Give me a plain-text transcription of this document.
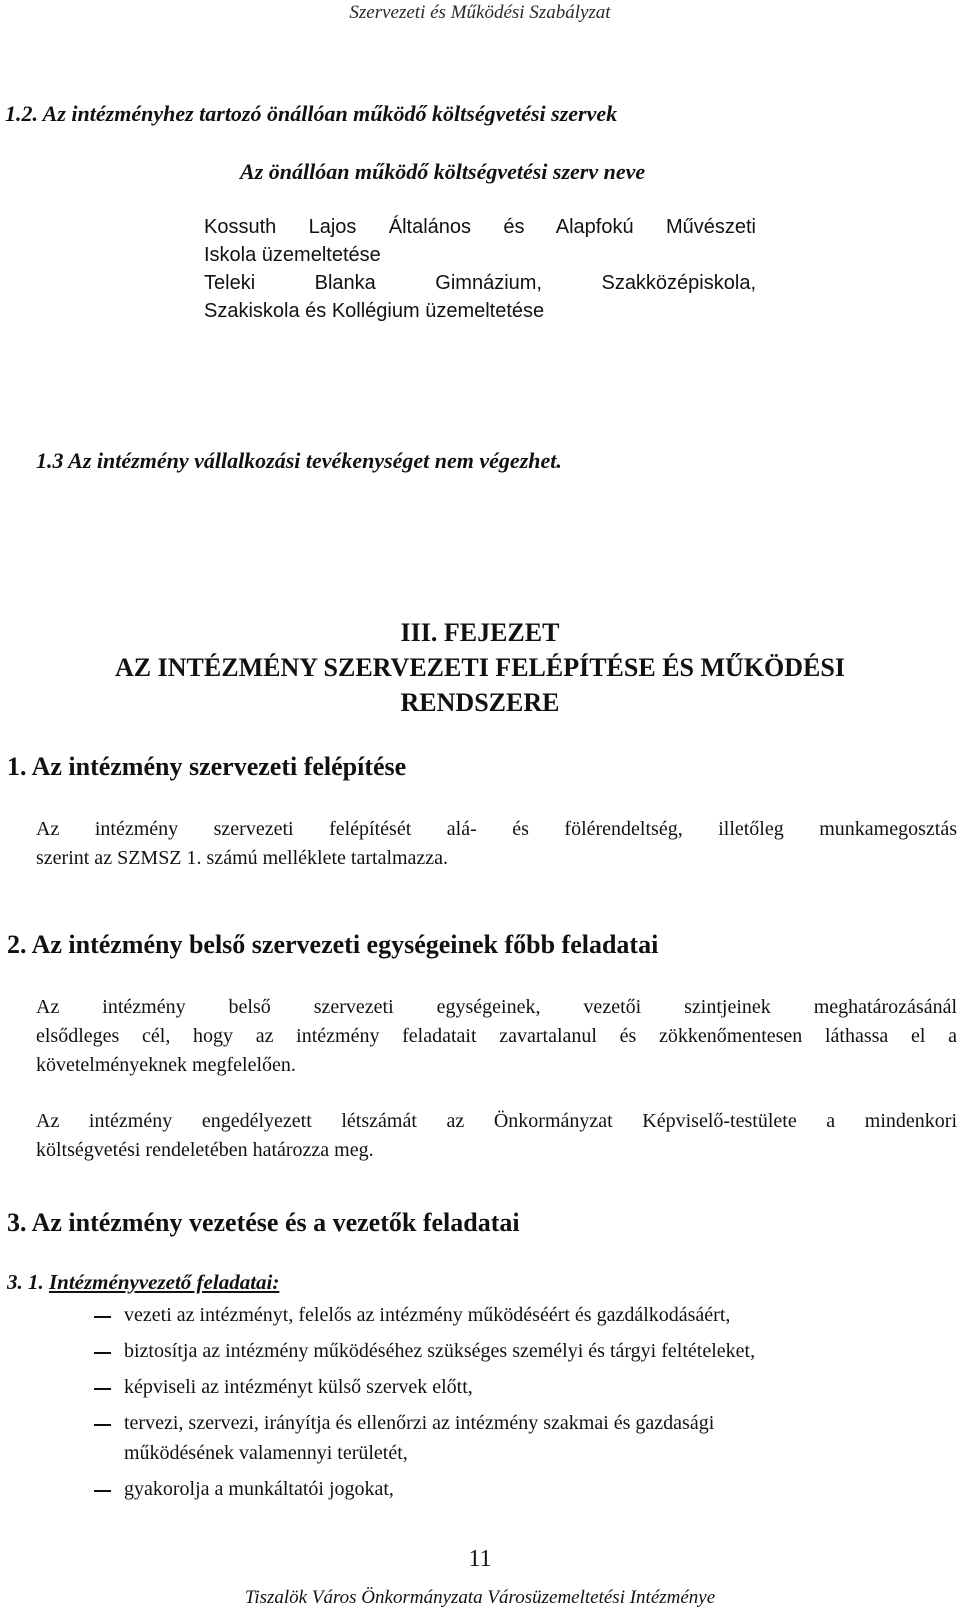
Szervezeti és Működési Szabályzat
1.2. Az intézményhez tartozó önállóan működő költségvetési szervek
Az önállóan működő költségvetési szerv neve
Kossuth Lajos Általános és Alapfokú Művészeti
Iskola üzemeltetése
Teleki Blanka Gimnázium, Szakközépiskola,
Szakiskola és Kollégium üzemeltetése
1.3 Az intézmény vállalkozási tevékenységet nem végezhet.
III. FEJEZET
AZ INTÉZMÉNY SZERVEZETI FELÉPÍTÉSE ÉS MŰKÖDÉSI
RENDSZERE
1. Az intézmény szervezeti felépítése
Az intézmény szervezeti felépítését alá- és fölérendeltség, illetőleg munkamegosztás
szerint az SZMSZ 1. számú melléklete tartalmazza.
2. Az intézmény belső szervezeti egységeinek főbb feladatai
Az intézmény belső szervezeti egységeinek, vezetői szintjeinek meghatározásánál
elsődleges cél, hogy az intézmény feladatait zavartalanul és zökkenőmentesen láthassa el a
követelményeknek megfelelően.
Az intézmény engedélyezett létszámát az Önkormányzat Képviselő-testülete a mindenkori
költségvetési rendeletében határozza meg.
3. Az intézmény vezetése és a vezetők feladatai
3. 1. Intézményvezető feladatai:
vezeti az intézményt, felelős az intézmény működéséért és gazdálkodásáért,
biztosítja az intézmény működéséhez szükséges személyi és tárgyi feltételeket,
képviseli az intézményt külső szervek előtt,
tervezi, szervezi, irányítja és ellenőrzi az intézmény szakmai és gazdasági
működésének valamennyi területét,
gyakorolja a munkáltatói jogokat,
11
Tiszalök Város Önkormányzata Városüzemeltetési Intézménye
